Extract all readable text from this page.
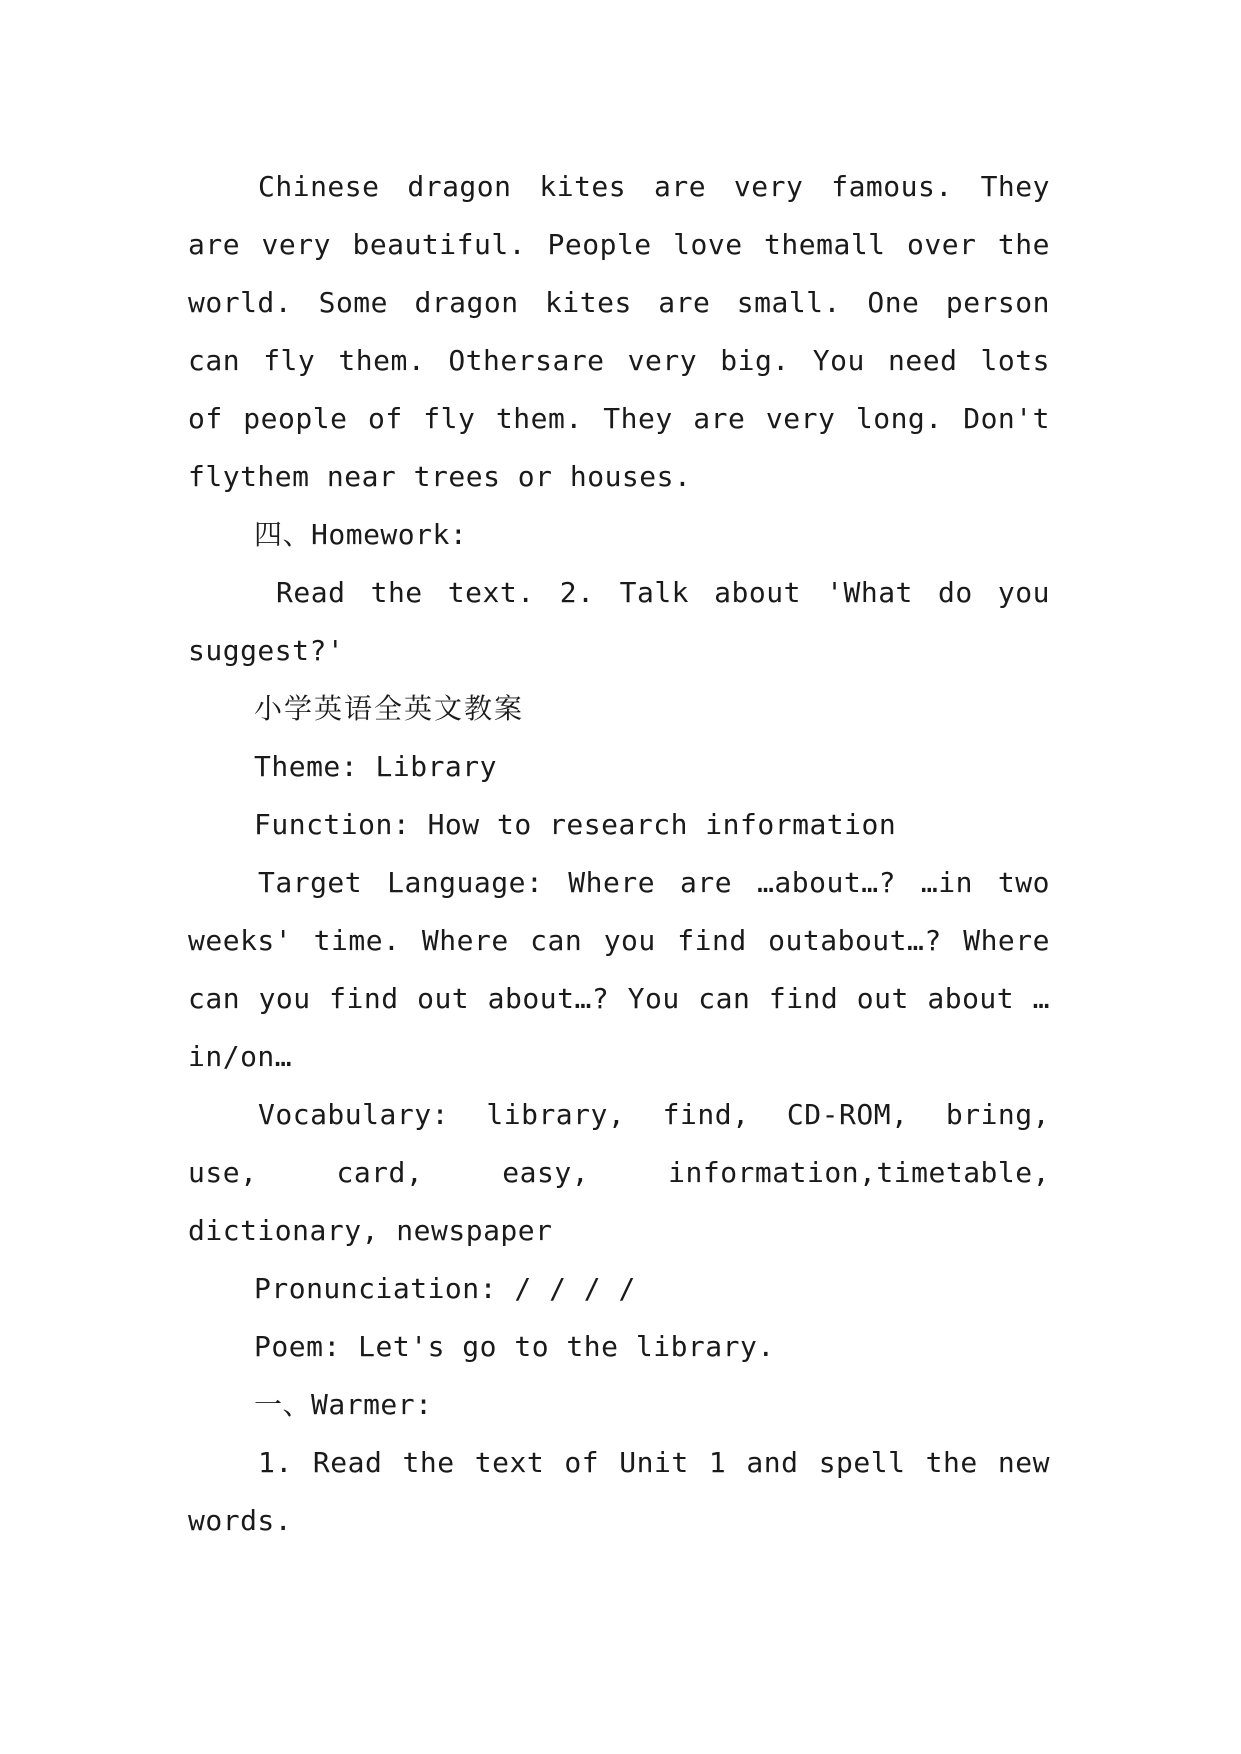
Chinese dragon kites are very famous. They are very beautiful. People love themall over the world. Some dragon kites are small. One person can fly them. Othersare very big. You need lots of people of fly them. They are very long. Don't flythem near trees or houses.

四、Homework:

Read the text. 2. Talk about 'What do you suggest?'

小学英语全英文教案

Theme: Library

Function: How to research information

Target Language: Where are …about…? …in two weeks' time. Where can you find outabout…? Where can you find out about…? You can find out about …in/on…

Vocabulary: library, find, CD-ROM, bring, use, card, easy, information,timetable, dictionary, newspaper

Pronunciation: / / / /

Poem: Let's go to the library.

一、Warmer:

1. Read the text of Unit 1 and spell the new words.
